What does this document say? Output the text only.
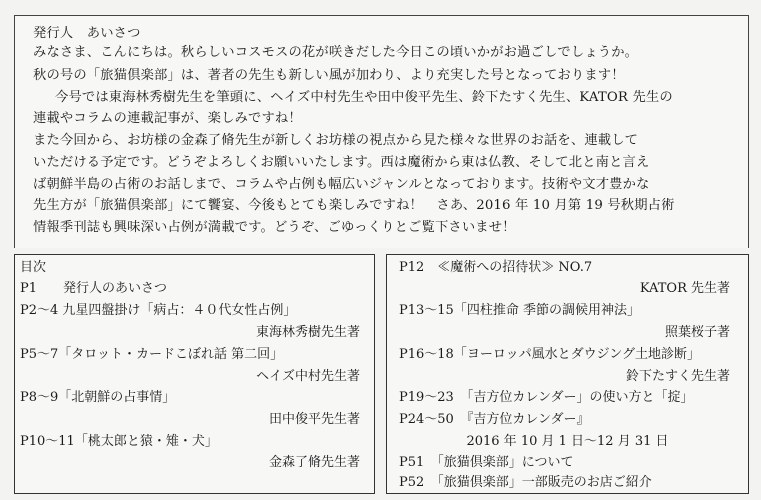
発行人　あいさつ
みなさま、こんにちは。秋らしいコスモスの花が咲きだした今日この頃いかがお過ごしでしょうか。
秋の号の「旅猫倶楽部」は、著者の先生も新しい風が加わり、より充実した号となっております！
今号では東海林秀樹先生を筆頭に、ヘイズ中村先生や田中俊平先生、鈴下たすく先生、KATOR 先生の
連載やコラムの連載記事が、楽しみですね！
また今回から、お坊様の金森了脩先生が新しくお坊様の視点から見た様々な世界のお話を、連載して
いただける予定です。どうぞよろしくお願いいたします。西は魔術から東は仏教、そして北と南と言え
ば朝鮮半島の占術のお話しまで、コラムや占例も幅広いジャンルとなっております。技術や文才豊かな
先生方が「旅猫倶楽部」にて饗宴、今後もとても楽しみですね！　さあ、2016 年 10 月第 19 号秋期占術
情報季刊誌も興味深い占例が満載です。どうぞ、ごゆっくりとご覧下さいませ！
目次
P1　　発行人のあいさつ
P2～4 九星四盤掛け「病占：４０代女性占例」
東海林秀樹先生著
P5～7「タロット・カードこぼれ話 第二回」
ヘイズ中村先生著
P8～9「北朝鮮の占事情」
田中俊平先生著
P10～11「桃太郎と猿・雉・犬」
金森了脩先生著
P12　≪魔術への招待状≫ NO.7
KATOR 先生著
P13～15「四柱推命 季節の調候用神法」
照葉桜子著
P16～18「ヨーロッパ風水とダウジング土地診断」
鈴下たすく先生著
P19～23　「吉方位カレンダー」の使い方と「掟」
P24～50　『吉方位カレンダー』
2016 年 10 月 1 日～12 月 31 日
P51　「旅猫倶楽部」について
P52　「旅猫倶楽部」一部販売のお店ご紹介
